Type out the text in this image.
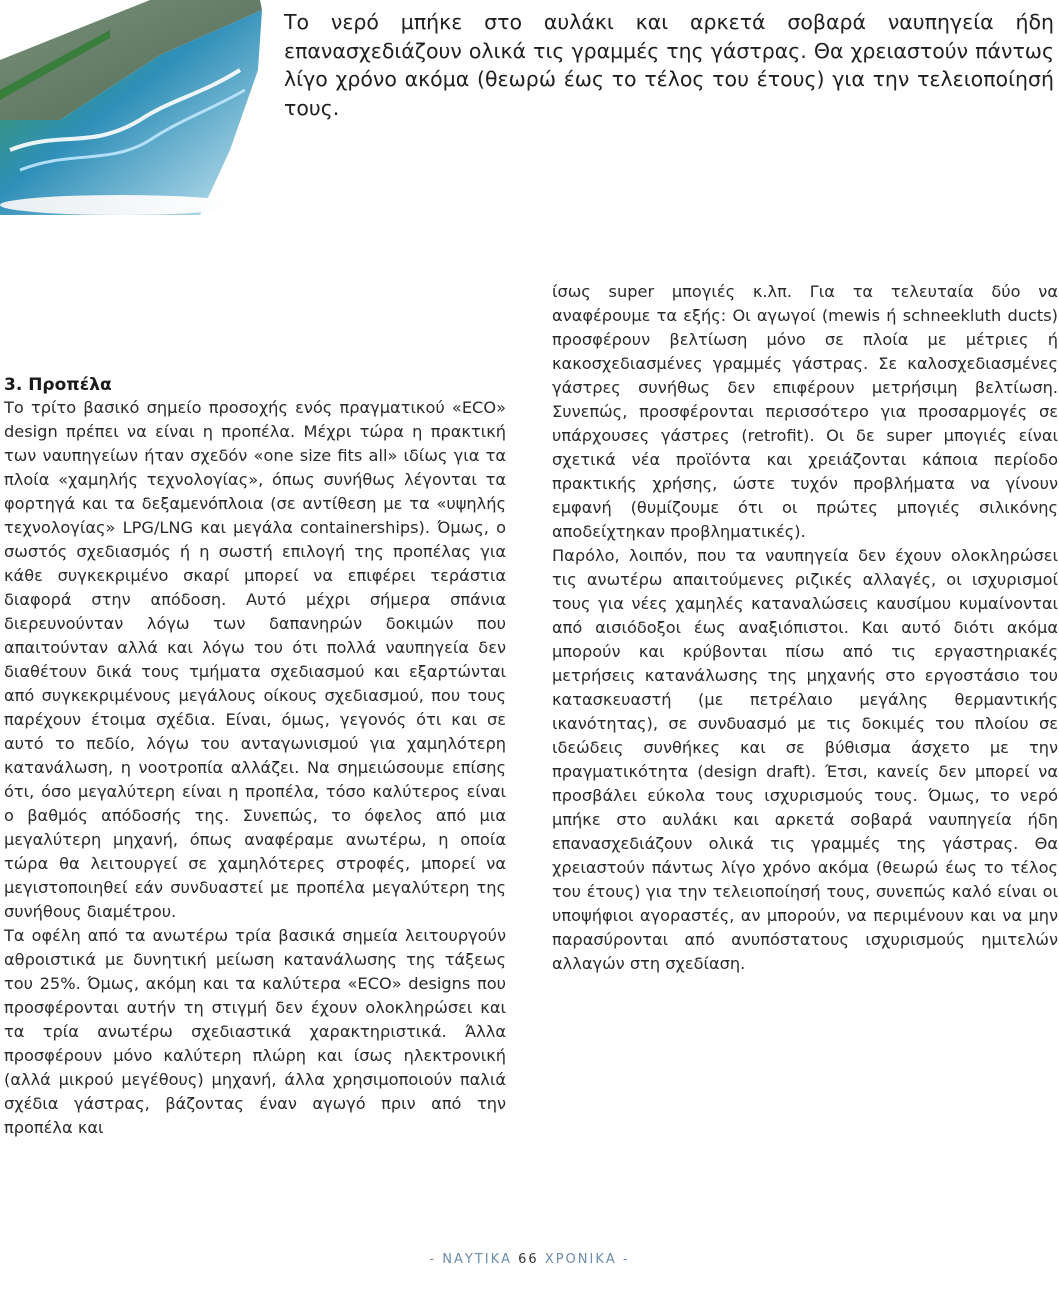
Το νερό μπήκε στο αυλάκι και αρκετά σοβαρά ναυπηγεία ήδη επανασχεδιάζουν ολικά τις γραμμές της γάστρας. Θα χρειαστούν πάντως λίγο χρόνο ακόμα (θεωρώ έως το τέλος του έτους) για την τελειοποίησή τους.
3. Προπέλα

Το τρίτο βασικό σημείο προσοχής ενός πραγματικού «ECO» design πρέπει να είναι η προπέλα. Μέχρι τώρα η πρακτική των ναυπηγείων ήταν σχεδόν «one size fits all» ιδίως για τα πλοία «χαμηλής τεχνολογίας», όπως συνήθως λέγονται τα φορτηγά και τα δεξαμενόπλοια (σε αντίθεση με τα «υψηλής τεχνολογίας» LPG/LNG και μεγάλα containerships). Όμως, ο σωστός σχεδιασμός ή η σωστή επιλογή της προπέλας για κάθε συγκεκριμένο σκαρί μπορεί να επιφέρει τεράστια διαφορά στην απόδοση. Αυτό μέχρι σήμερα σπάνια διερευνούνταν λόγω των δαπανηρών δοκιμών που απαιτούνταν αλλά και λόγω του ότι πολλά ναυπηγεία δεν διαθέτουν δικά τους τμήματα σχεδιασμού και εξαρτώνται από συγκεκριμένους μεγάλους οίκους σχεδιασμού, που τους παρέχουν έτοιμα σχέδια. Είναι, όμως, γεγονός ότι και σε αυτό το πεδίο, λόγω του ανταγωνισμού για χαμηλότερη κατανάλωση, η νοοτροπία αλλάζει. Να σημειώσουμε επίσης ότι, όσο μεγαλύτερη είναι η προπέλα, τόσο καλύτερος είναι ο βαθμός απόδοσής της. Συνεπώς, το όφελος από μια μεγαλύτερη μηχανή, όπως αναφέραμε ανωτέρω, η οποία τώρα θα λειτουργεί σε χαμηλότερες στροφές, μπορεί να μεγιστοποιηθεί εάν συνδυαστεί με προπέλα μεγαλύτερη της συνήθους διαμέτρου.

Τα οφέλη από τα ανωτέρω τρία βασικά σημεία λειτουργούν αθροιστικά με δυνητική μείωση κατανάλωσης της τάξεως του 25%. Όμως, ακόμη και τα καλύτερα «ECO» designs που προσφέρονται αυτήν τη στιγμή δεν έχουν ολοκληρώσει και τα τρία ανωτέρω σχεδιαστικά χαρακτηριστικά. Άλλα προσφέρουν μόνο καλύτερη πλώρη και ίσως ηλεκτρονική (αλλά μικρού μεγέθους) μηχανή, άλλα χρησιμοποιούν παλιά σχέδια γάστρας, βάζοντας έναν αγωγό πριν από την προπέλα και

ίσως super μπογιές κ.λπ. Για τα τελευταία δύο να αναφέρουμε τα εξής: Οι αγωγοί (mewis ή schneekluth ducts) προσφέρουν βελτίωση μόνο σε πλοία με μέτριες ή κακοσχεδιασμένες γραμμές γάστρας. Σε καλοσχεδιασμένες γάστρες συνήθως δεν επιφέρουν μετρήσιμη βελτίωση. Συνεπώς, προσφέρονται περισσότερο για προσαρμογές σε υπάρχουσες γάστρες (retrofit). Οι δε super μπογιές είναι σχετικά νέα προϊόντα και χρειάζονται κάποια περίοδο πρακτικής χρήσης, ώστε τυχόν προβλήματα να γίνουν εμφανή (θυμίζουμε ότι οι πρώτες μπογιές σιλικόνης αποδείχτηκαν προβληματικές).

Παρόλο, λοιπόν, που τα ναυπηγεία δεν έχουν ολοκληρώσει τις ανωτέρω απαιτούμενες ριζικές αλλαγές, οι ισχυρισμοί τους για νέες χαμηλές καταναλώσεις καυσίμου κυμαίνονται από αισιόδοξοι έως αναξιόπιστοι. Και αυτό διότι ακόμα μπορούν και κρύβονται πίσω από τις εργαστηριακές μετρήσεις κατανάλωσης της μηχανής στο εργοστάσιο του κατασκευαστή (με πετρέλαιο μεγάλης θερμαντικής ικανότητας), σε συνδυασμό με τις δοκιμές του πλοίου σε ιδεώδεις συνθήκες και σε βύθισμα άσχετο με την πραγματικότητα (design draft). Έτσι, κανείς δεν μπορεί να προσβάλει εύκολα τους ισχυρισμούς τους. Όμως, το νερό μπήκε στο αυλάκι και αρκετά σοβαρά ναυπηγεία ήδη επανασχεδιάζουν ολικά τις γραμμές της γάστρας. Θα χρειαστούν πάντως λίγο χρόνο ακόμα (θεωρώ έως το τέλος του έτους) για την τελειοποίησή τους, συνεπώς καλό είναι οι υποψήφιοι αγοραστές, αν μπορούν, να περιμένουν και να μην παρασύρονται από ανυπόστατους ισχυρισμούς ημιτελών αλλαγών στη σχεδίαση.

- ΝΑΥΤΙΚΑ 66 ΧΡΟΝΙΚΑ -
